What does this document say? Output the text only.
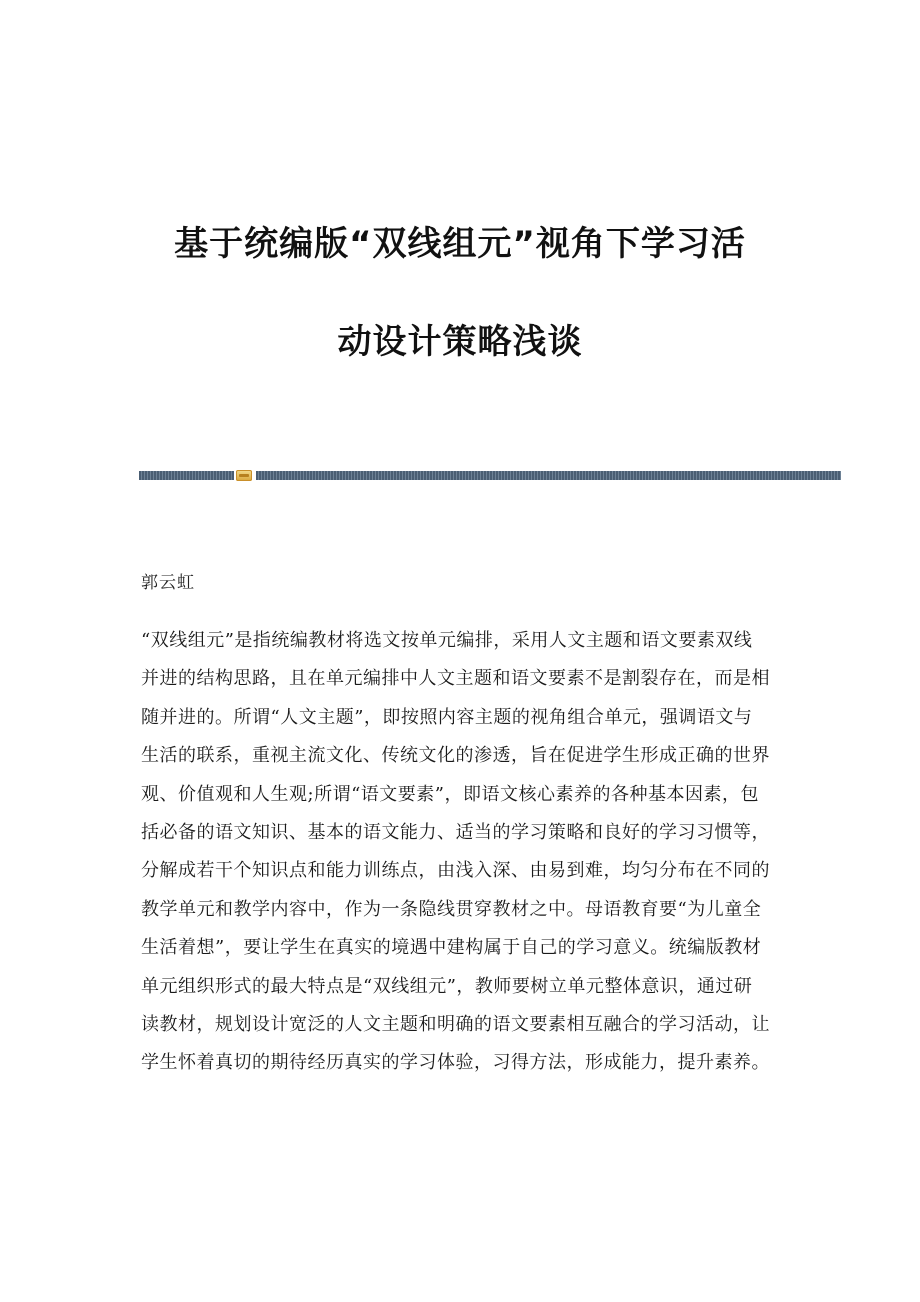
基于统编版“双线组元”视角下学习活
动设计策略浅谈
郭云虹
“双线组元”是指统编教材将选文按单元编排，采用人文主题和语文要素双线
并进的结构思路，且在单元编排中人文主题和语文要素不是割裂存在，而是相
随并进的。所谓“人文主题”，即按照内容主题的视角组合单元，强调语文与
生活的联系，重视主流文化、传统文化的渗透，旨在促进学生形成正确的世界
观、价值观和人生观;所谓“语文要素”，即语文核心素养的各种基本因素，包
括必备的语文知识、基本的语文能力、适当的学习策略和良好的学习习惯等，
分解成若干个知识点和能力训练点，由浅入深、由易到难，均匀分布在不同的
教学单元和教学内容中，作为一条隐线贯穿教材之中。母语教育要“为儿童全
生活着想”，要让学生在真实的境遇中建构属于自己的学习意义。统编版教材
单元组织形式的最大特点是“双线组元”，教师要树立单元整体意识，通过研
读教材，规划设计宽泛的人文主题和明确的语文要素相互融合的学习活动，让
学生怀着真切的期待经历真实的学习体验，习得方法，形成能力，提升素养。
